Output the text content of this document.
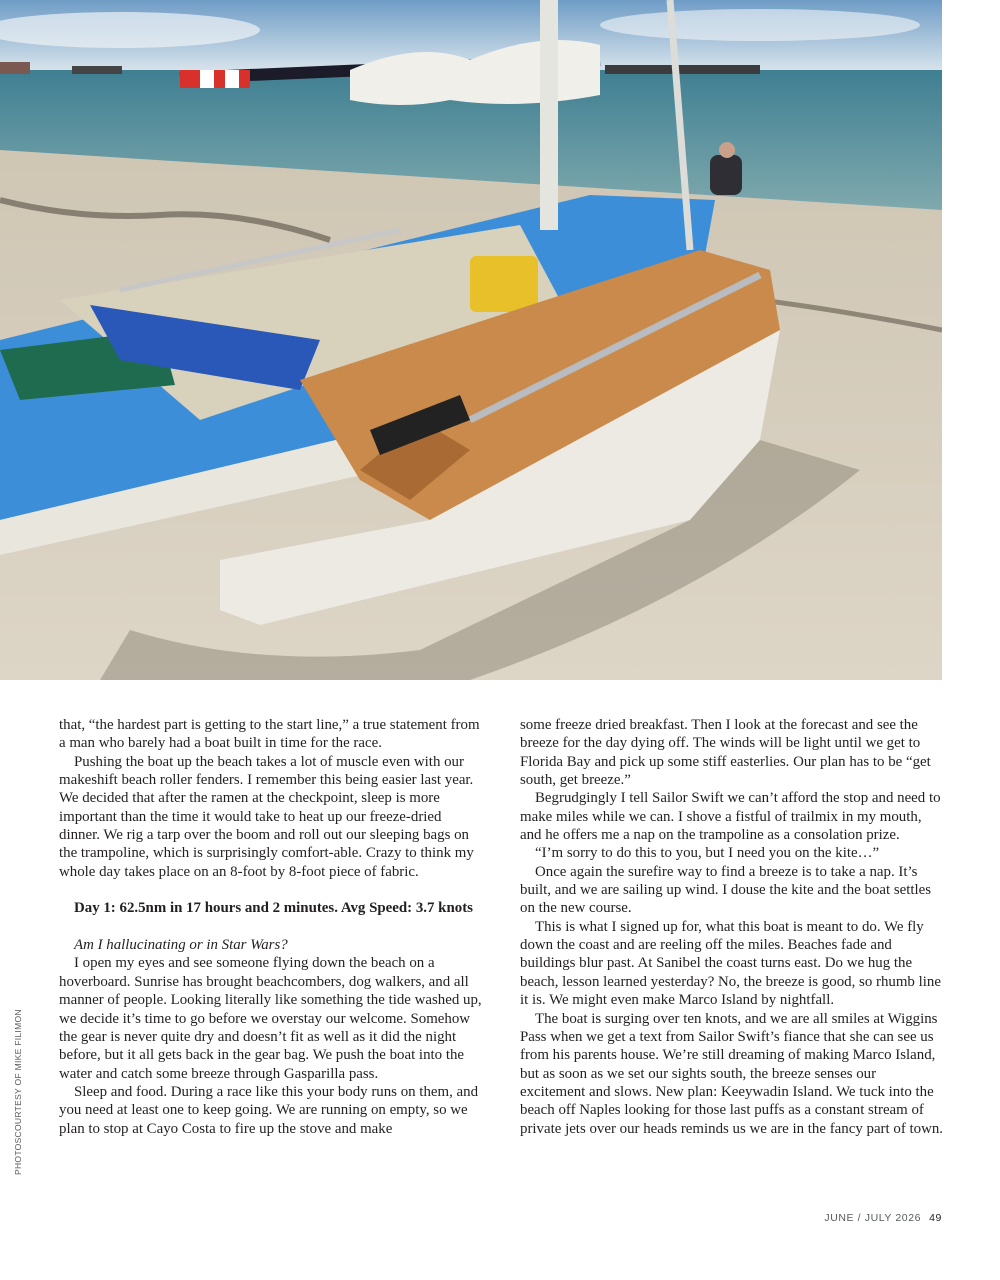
PHOTOSCOURTESY OF MIKE FILIMON

that, “the hardest part is getting to the start line,” a true statement from a man who barely had a boat built in time for the race.

Pushing the boat up the beach takes a lot of muscle even with our makeshift beach roller fenders. I remember this being easier last year. We decided that after the ramen at the checkpoint, sleep is more important than the time it would take to heat up our freeze-dried dinner. We rig a tarp over the boom and roll out our sleeping bags on the trampoline, which is surprisingly comfort-able. Crazy to think my whole day takes place on an 8-foot by 8-foot piece of fabric.

Day 1: 62.5nm in 17 hours and 2 minutes. Avg Speed: 3.7 knots

Am I hallucinating or in Star Wars?

I open my eyes and see someone flying down the beach on a hoverboard. Sunrise has brought beachcombers, dog walkers, and all manner of people. Looking literally like something the tide washed up, we decide it’s time to go before we overstay our welcome. Somehow the gear is never quite dry and doesn’t fit as well as it did the night before, but it all gets back in the gear bag. We push the boat into the water and catch some breeze through Gasparilla pass.

Sleep and food. During a race like this your body runs on them, and you need at least one to keep going. We are running on empty, so we plan to stop at Cayo Costa to fire up the stove and make

some freeze dried breakfast. Then I look at the forecast and see the breeze for the day dying off. The winds will be light until we get to Florida Bay and pick up some stiff easterlies. Our plan has to be “get south, get breeze.”

Begrudgingly I tell Sailor Swift we can’t afford the stop and need to make miles while we can. I shove a fistful of trailmix in my mouth, and he offers me a nap on the trampoline as a consolation prize.

“I’m sorry to do this to you, but I need you on the kite…”

Once again the surefire way to find a breeze is to take a nap. It’s built, and we are sailing up wind. I douse the kite and the boat settles on the new course.

This is what I signed up for, what this boat is meant to do. We fly down the coast and are reeling off the miles. Beaches fade and buildings blur past. At Sanibel the coast turns east. Do we hug the beach, lesson learned yesterday? No, the breeze is good, so rhumb line it is. We might even make Marco Island by nightfall.

The boat is surging over ten knots, and we are all smiles at Wiggins Pass when we get a text from Sailor Swift’s fiance that she can see us from his parents house. We’re still dreaming of making Marco Island, but as soon as we set our sights south, the breeze senses our excitement and slows. New plan: Keeywadin Island. We tuck into the beach off Naples looking for those last puffs as a constant stream of private jets over our heads reminds us we are in the fancy part of town.

JUNE / JULY 2026 49
